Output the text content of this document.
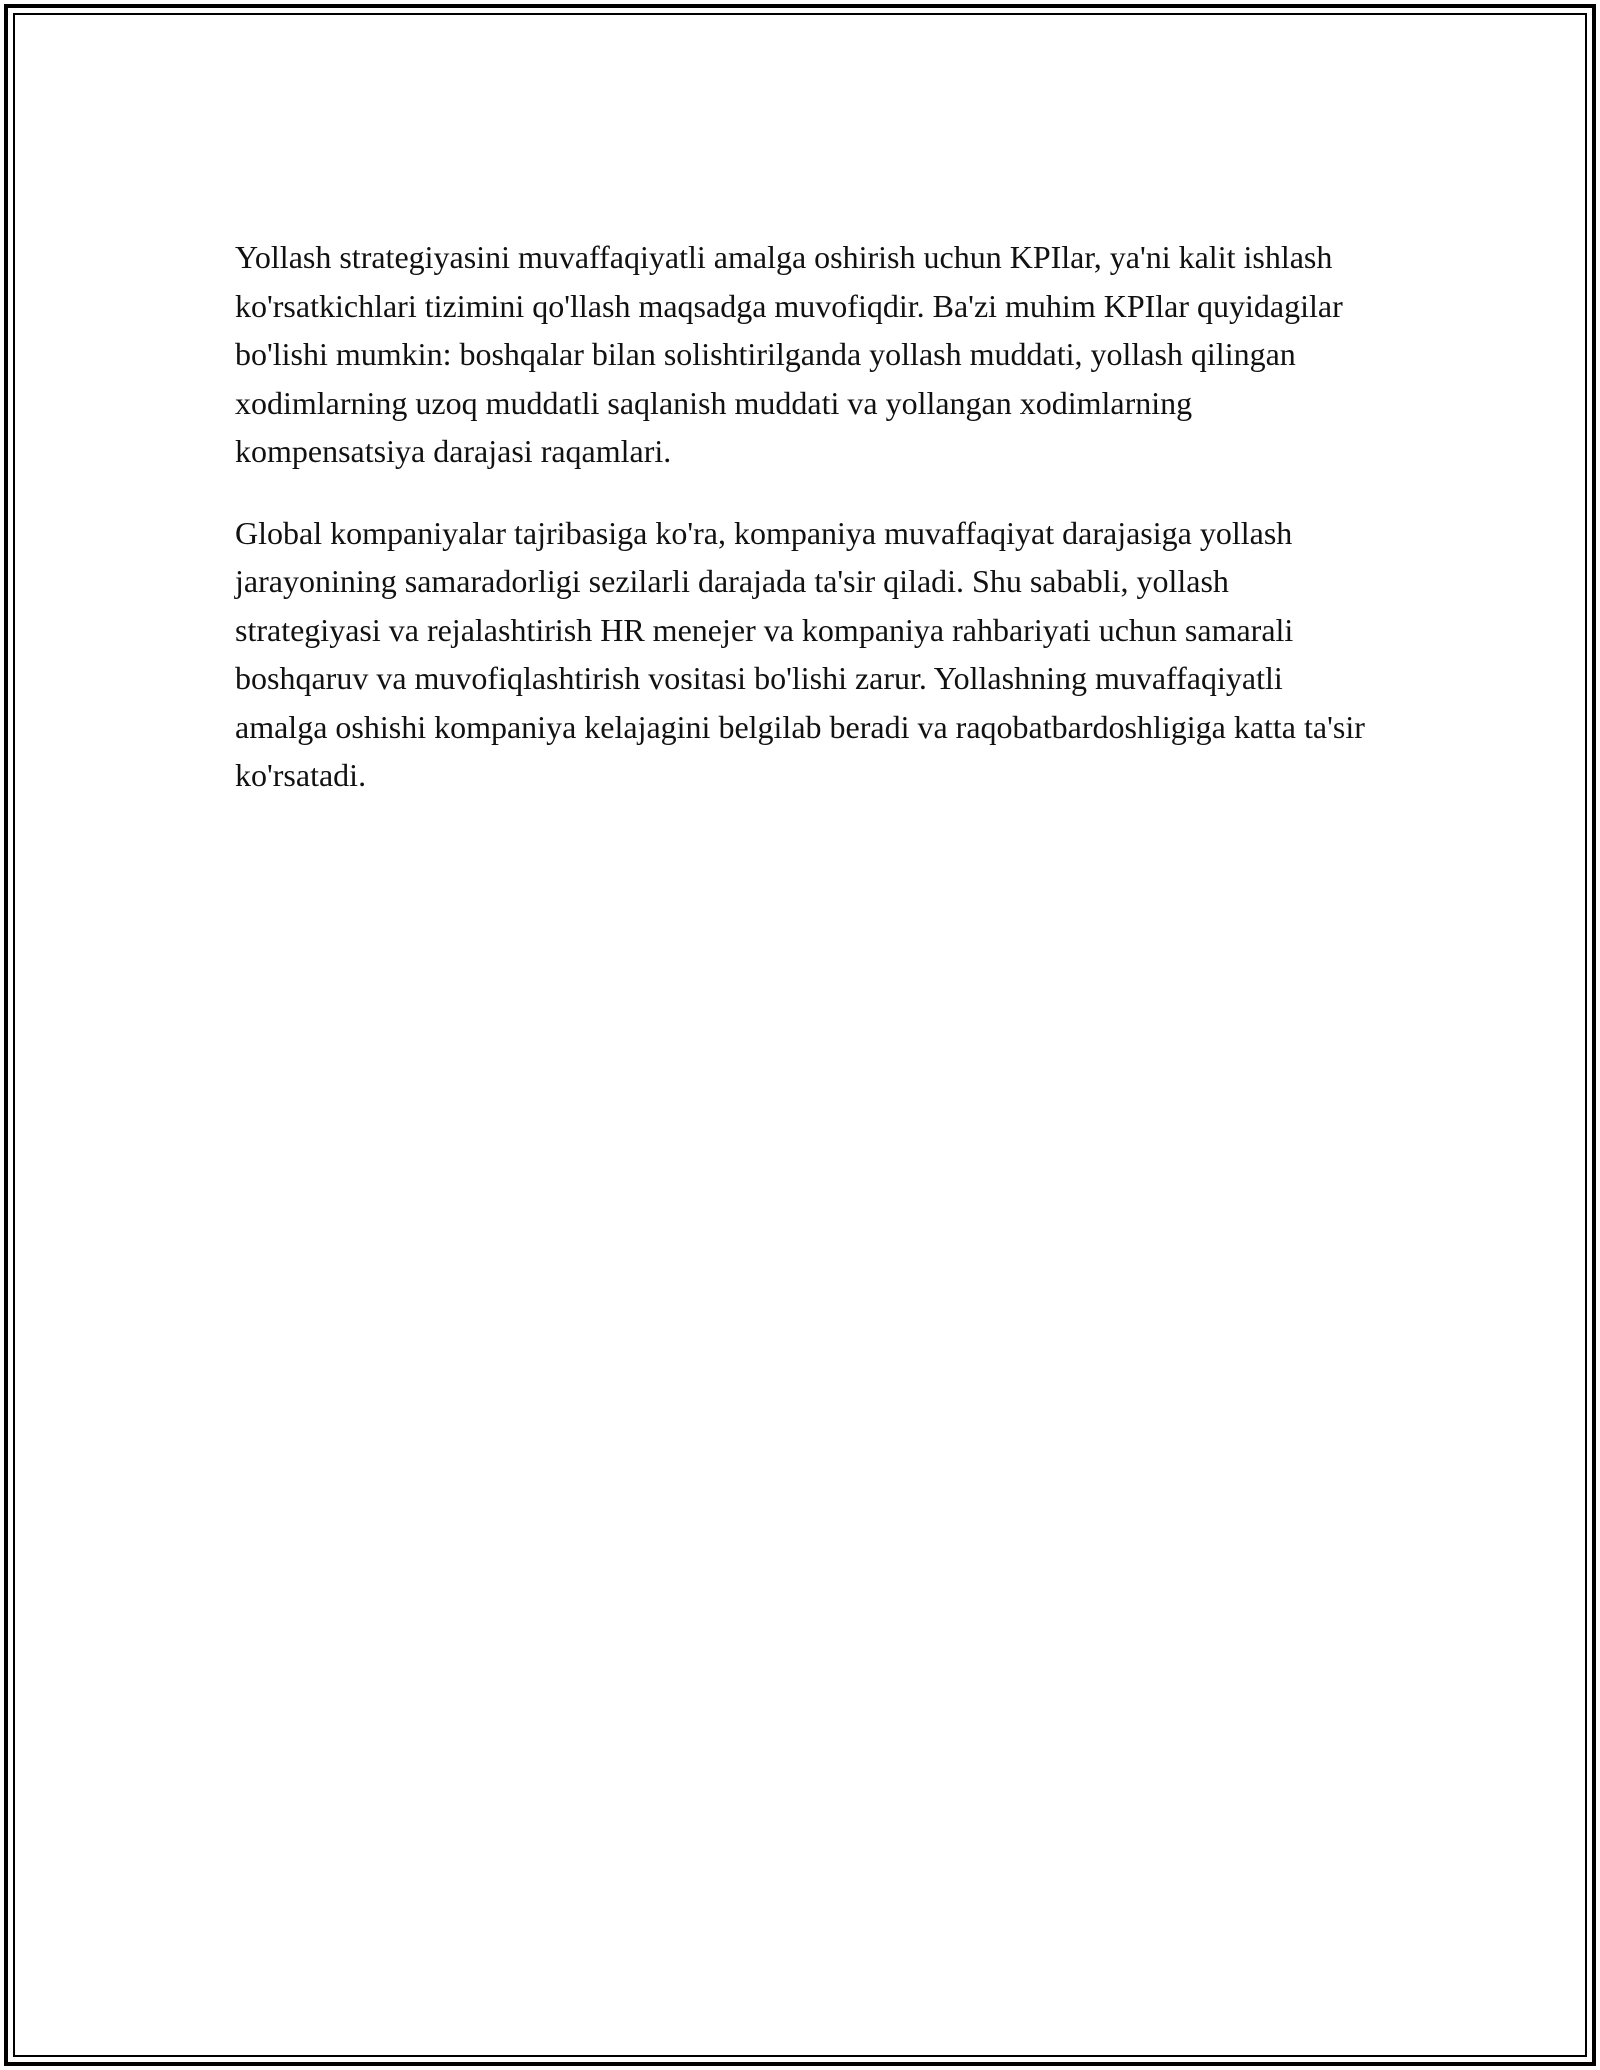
Yollash strategiyasini muvaffaqiyatli amalga oshirish uchun KPIlar, ya'ni kalit ishlash ko'rsatkichlari tizimini qo'llash maqsadga muvofiqdir. Ba'zi muhim KPIlar quyidagilar bo'lishi mumkin: boshqalar bilan solishtirilganda yollash muddati, yollash qilingan xodimlarning uzoq muddatli saqlanish muddati va yollangan xodimlarning kompensatsiya darajasi raqamlari.

Global kompaniyalar tajribasiga ko'ra, kompaniya muvaffaqiyat darajasiga yollash jarayonining samaradorligi sezilarli darajada ta'sir qiladi. Shu sababli, yollash strategiyasi va rejalashtirish HR menejer va kompaniya rahbariyati uchun samarali boshqaruv va muvofiqlashtirish vositasi bo'lishi zarur. Yollashning muvaffaqiyatli amalga oshishi kompaniya kelajagini belgilab beradi va raqobatbardoshligiga katta ta'sir ko'rsatadi.
